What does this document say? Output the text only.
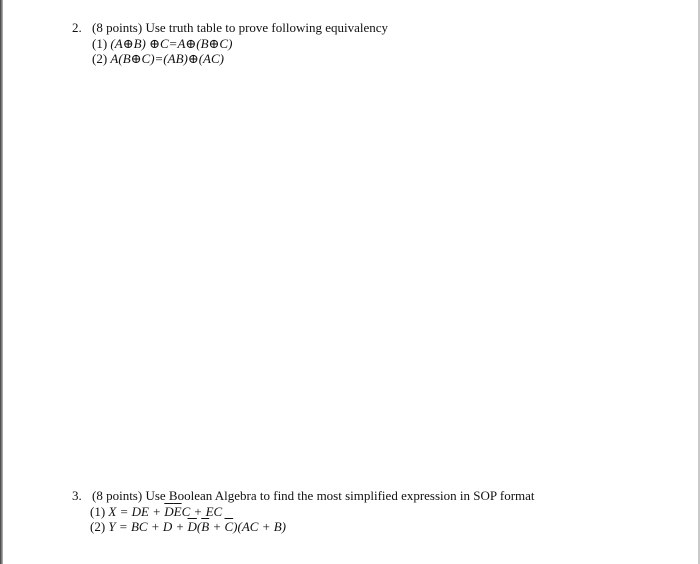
2. (8 points) Use truth table to prove following equivalency
(1) (A⊕B) ⊕C=A⊕(B⊕C)
(2) A(B⊕C)=(AB)⊕(AC)
3. (8 points) Use Boolean Algebra to find the most simplified expression in SOP format
(1) X = DE + $\overline{D}\overline{E}C$ + EC
(2) Y = BC + $D + \overline{D}(\overline{B} + \overline{C})(AC + B)$
